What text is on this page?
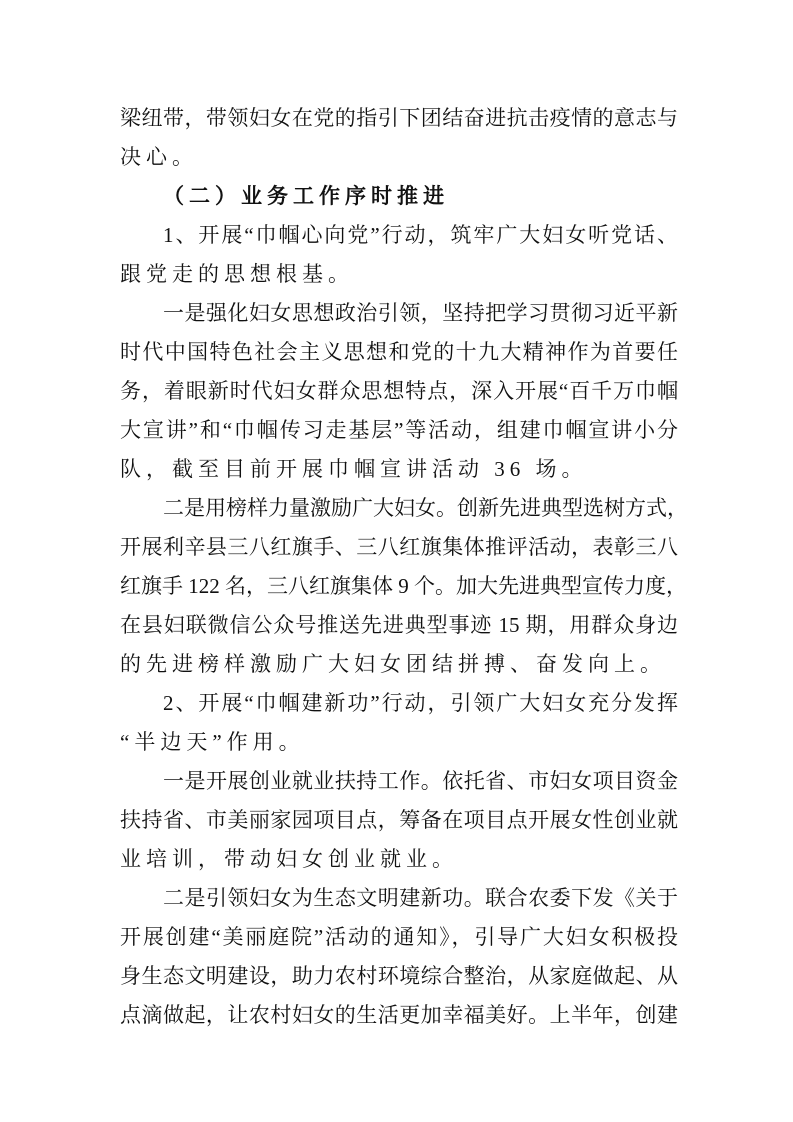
梁纽带，带领妇女在党的指引下团结奋进抗击疫情的意志与
决心。
（二）业务工作序时推进
1、开展“巾帼心向党”行动，筑牢广大妇女听党话、
跟党走的思想根基。
一是强化妇女思想政治引领，坚持把学习贯彻习近平新
时代中国特色社会主义思想和党的十九大精神作为首要任
务，着眼新时代妇女群众思想特点，深入开展“百千万巾帼
大宣讲”和“巾帼传习走基层”等活动，组建巾帼宣讲小分
队，截至目前开展巾帼宣讲活动 36 场。
二是用榜样力量激励广大妇女。创新先进典型选树方式，
开展利辛县三八红旗手、三八红旗集体推评活动，表彰三八
红旗手 122 名，三八红旗集体 9 个。加大先进典型宣传力度，
在县妇联微信公众号推送先进典型事迹 15 期，用群众身边
的先进榜样激励广大妇女团结拼搏、奋发向上。
2、开展“巾帼建新功”行动，引领广大妇女充分发挥
“半边天”作用。
一是开展创业就业扶持工作。依托省、市妇女项目资金
扶持省、市美丽家园项目点，筹备在项目点开展女性创业就
业培训，带动妇女创业就业。
二是引领妇女为生态文明建新功。联合农委下发《关于
开展创建“美丽庭院”活动的通知》，引导广大妇女积极投
身生态文明建设，助力农村环境综合整治，从家庭做起、从
点滴做起，让农村妇女的生活更加幸福美好。上半年，创建
